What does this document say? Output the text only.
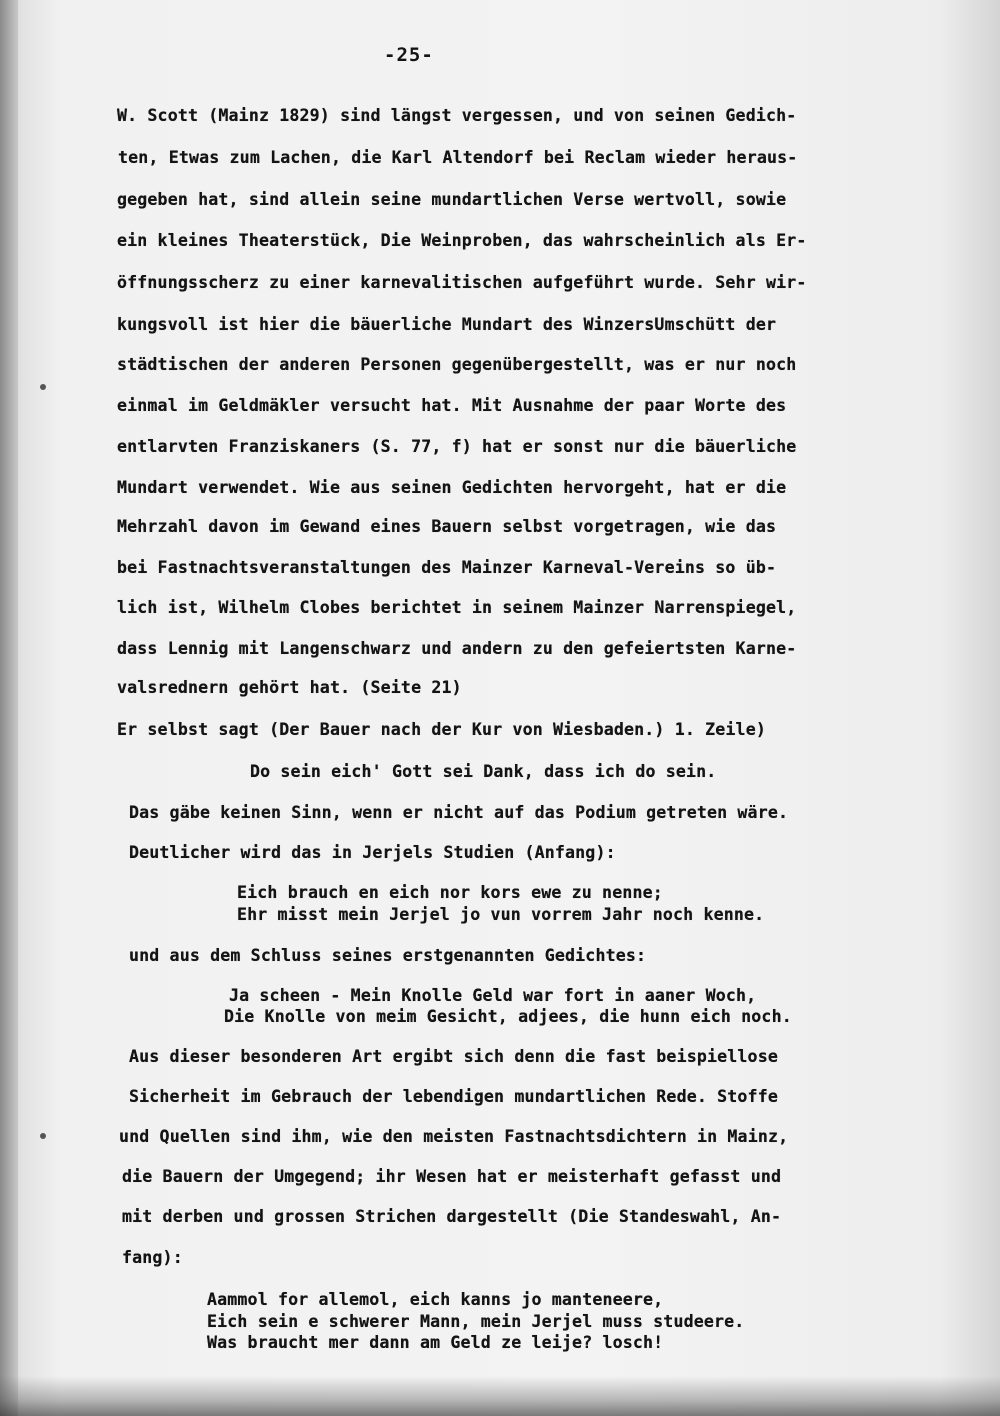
-25-
W. Scott (Mainz 1829) sind längst vergessen, und von seinen Gedich-
ten, Etwas zum Lachen, die Karl Altendorf bei Reclam wieder heraus-
gegeben hat, sind allein seine mundartlichen Verse wertvoll, sowie
ein kleines Theaterstück, Die Weinproben, das wahrscheinlich als Er-
öffnungsscherz zu einer karnevalitischen aufgeführt wurde. Sehr wir-
kungsvoll ist hier die bäuerliche Mundart des WinzersUmschütt der
städtischen der anderen Personen gegenübergestellt, was er nur noch
einmal im Geldmäkler versucht hat. Mit Ausnahme der paar Worte des
entlarvten Franziskaners (S. 77, f) hat er sonst nur die bäuerliche
Mundart verwendet. Wie aus seinen Gedichten hervorgeht, hat er die
Mehrzahl davon im Gewand eines Bauern selbst vorgetragen, wie das
bei Fastnachtsveranstaltungen des Mainzer Karneval-Vereins so üb-
lich ist, Wilhelm Clobes berichtet in seinem Mainzer Narrenspiegel,
dass Lennig mit Langenschwarz und andern zu den gefeiertsten Karne-
valsrednern gehört hat. (Seite 21)
Er selbst sagt (Der Bauer nach der Kur von Wiesbaden.) 1. Zeile)
Do sein eich' Gott sei Dank, dass ich do sein.
Das gäbe keinen Sinn, wenn er nicht auf das Podium getreten wäre.
Deutlicher wird das in Jerjels Studien (Anfang):
Eich brauch en eich nor kors ewe zu nenne;
Ehr misst mein Jerjel jo vun vorrem Jahr noch kenne.
und aus dem Schluss seines erstgenannten Gedichtes:
Ja scheen - Mein Knolle Geld war fort in aaner Woch,
Die Knolle von meim Gesicht, adjees, die hunn eich noch.
Aus dieser besonderen Art ergibt sich denn die fast beispiellose
Sicherheit im Gebrauch der lebendigen mundartlichen Rede. Stoffe
und Quellen sind ihm, wie den meisten Fastnachtsdichtern in Mainz,
die Bauern der Umgegend; ihr Wesen hat er meisterhaft gefasst und
mit derben und grossen Strichen dargestellt (Die Standeswahl, An-
fang):
Aammol for allemol, eich kanns jo manteneere,
Eich sein e schwerer Mann, mein Jerjel muss studeere.
Was braucht mer dann am Geld ze leije? losch!
